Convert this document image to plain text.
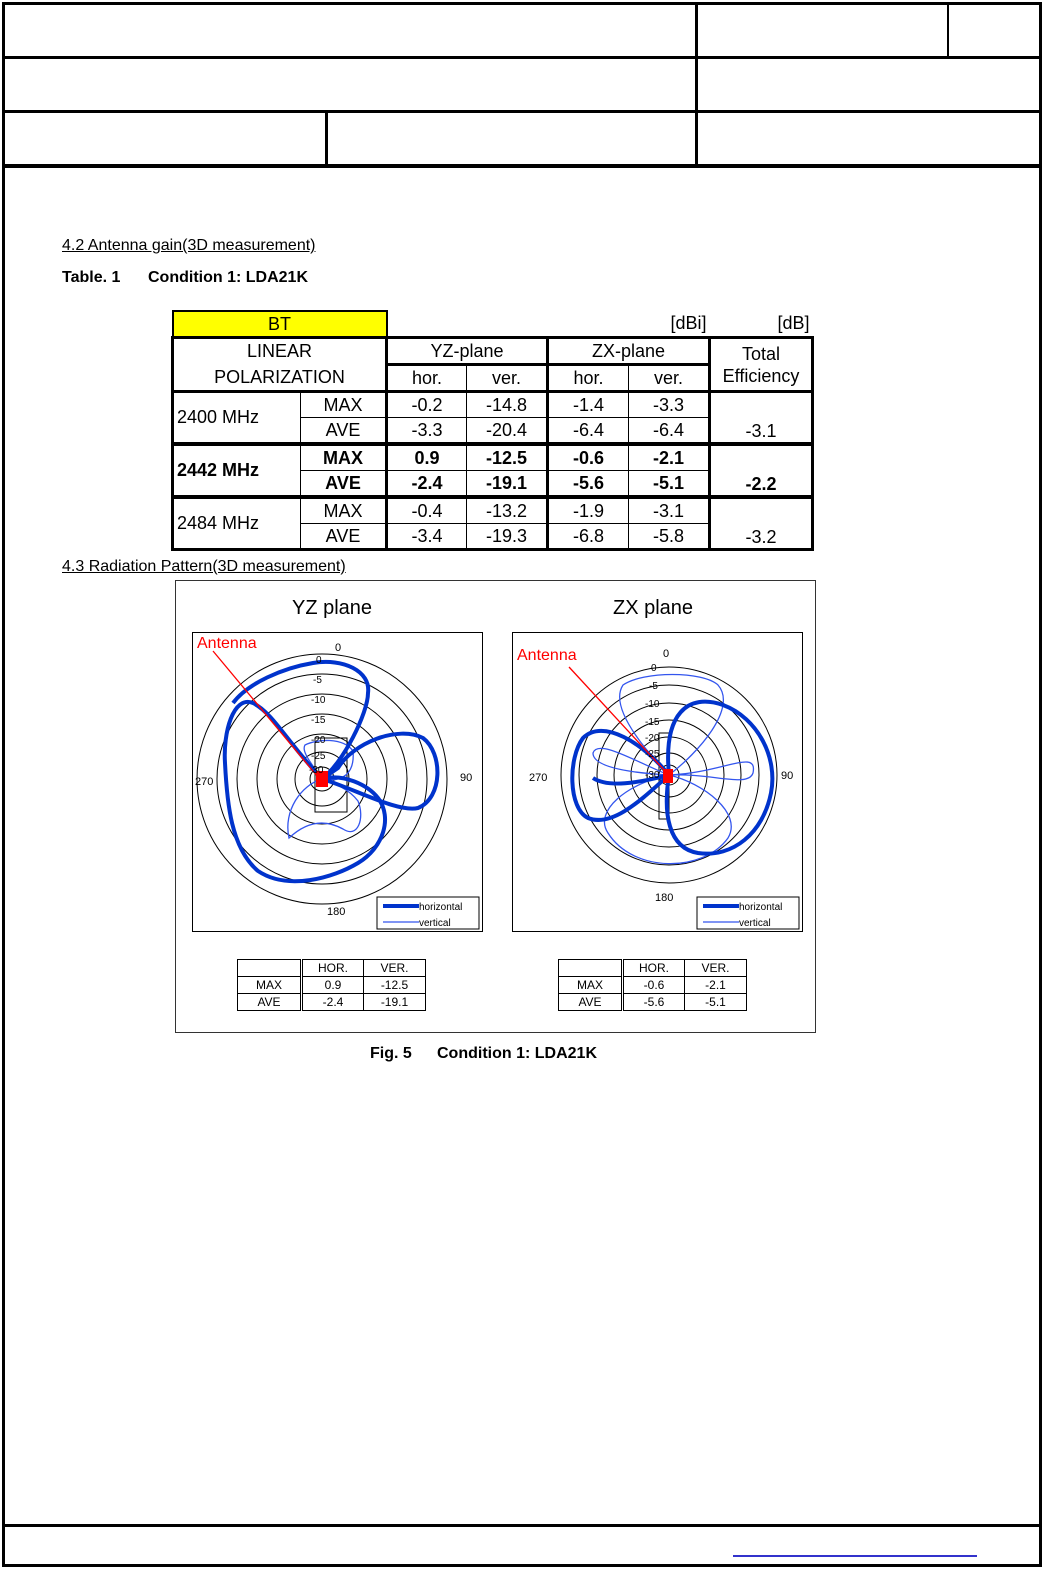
4.2 Antenna gain(3D measurement)
Table. 1 Condition 1: LDA21K
BT		[dBi]				[dB]
LINEAR		YZ-plane		ZX-plane		Total
Efficiency
POLARIZATION		hor.	ver.	hor.	ver.	
2400 MHz	MAX	-0.2	-14.8	-1.4	-3.3	-3.1
	AVE	-3.3	-20.4	-6.4	-6.4	
2442 MHz	MAX	0.9	-12.5	-0.6	-2.1	-2.2
	AVE	-2.4	-19.1	-5.6	-5.1	
2484 MHz	MAX	-0.4	-13.2	-1.9	-3.1	-3.2
	AVE	-3.4	-19.3	-6.8	-5.8	
4.3 Radiation Pattern(3D measurement)
YZ plane
Antenna	0
90
180
270
0
-5
-10
-15
-20
-25
-30
horizontal
vertical
ZX plane
Antenna	0
90
180
270
0
-5
-10
-15
-20
-25
-30
horizontal
vertical
	HOR.	VER.
MAX	0.9	-12.5
AVE	-2.4	-19.1
	HOR.	VER.
MAX	-0.6	-2.1
AVE	-5.6	-5.1
Fig. 5 Condition 1: LDA21K
